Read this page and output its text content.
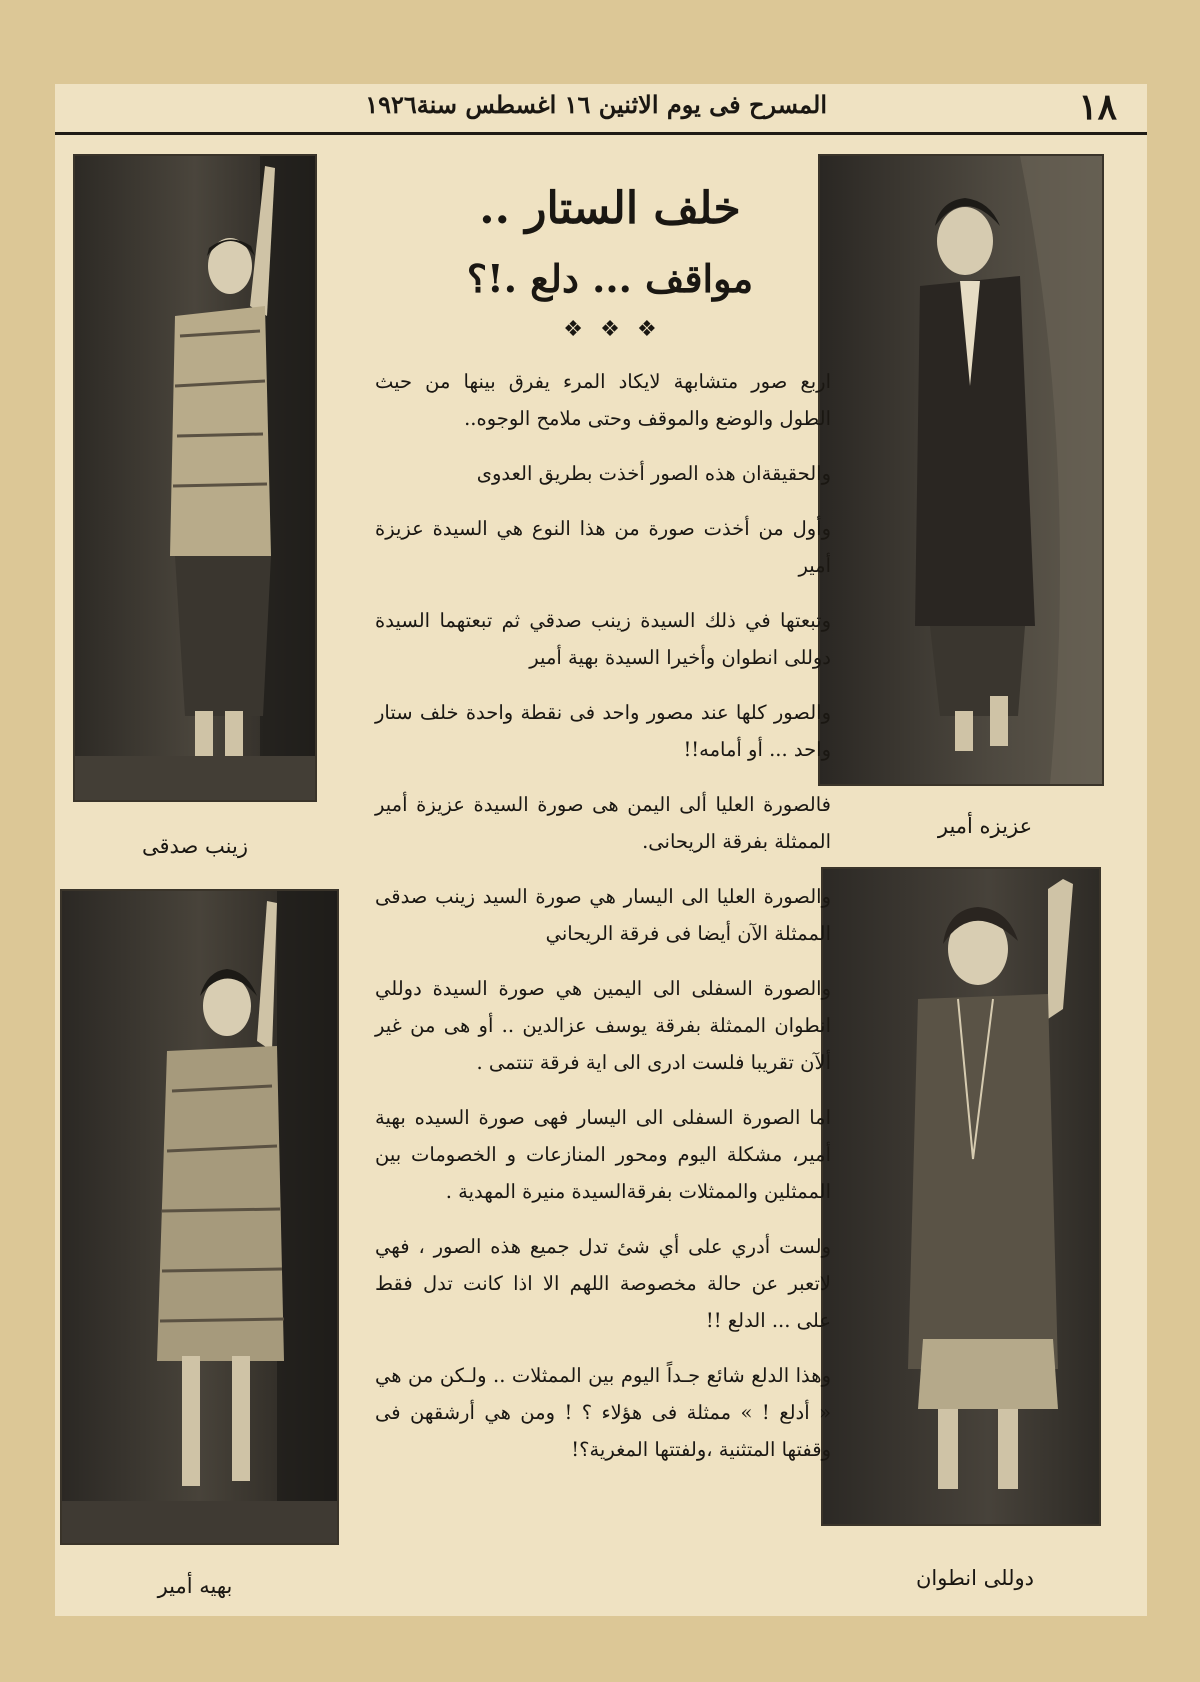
١٨
المسرح فى يوم الاثنين ١٦ اغسطس سنة١٩٢٦
زينب صدقى
عزيزه أمير
بهيه أمير	دوللى انطوان
خلف الستار ..
مواقف ... دلع .!؟
❖ ❖ ❖

اربع صور متشابهة لايكاد المرء يفرق بينها من حيث الطول والوضع والموقف وحتى ملامح الوجوه..

والحقيقةان هذه الصور أخذت بطريق العدوى

وأول من أخذت صورة من هذا النوع هي السيدة عزيزة أمير

وتبعتها في ذلك السيدة زينب صدقي ثم تبعتهما السيدة دوللى انطوان وأخيرا السيدة بهية أمير

والصور كلها عند مصور واحد فى نقطة واحدة خلف ستار واحد ... أو أمامه!!

فالصورة العليا ألى اليمن هى صورة السيدة عزيزة أمير الممثلة بفرقة الريحانى.

والصورة العليا الى اليسار هي صورة السيد زينب صدقى الممثلة الآن أيضا فى فرقة الريحاني

والصورة السفلى الى اليمين هي صورة السيدة دوللي انطوان الممثلة بفرقة يوسف عزالدين .. أو هى من غير ألآن تقريبا فلست ادرى الى اية فرقة تنتمى .

اما الصورة السفلى الى اليسار فهى صورة السيده بهية أمير، مشكلة اليوم ومحور المنازعات و الخصومات بين الممثلين والممثلات بفرقةالسيدة منيرة المهدية .

ولست أدري على أي شئ تدل جميع هذه الصور ، فهي لاتعبر عن حالة مخصوصة اللهم الا اذا كانت تدل فقط على ... الدلع !!

وهذا الدلع شائع جـداً اليوم بين الممثلات .. ولـكن من هي « أدلع ! » ممثلة فى هؤلاء ؟ ! ومن هي أرشقهن فى وقفتها المتثنية ،ولفتتها المغرية؟!
